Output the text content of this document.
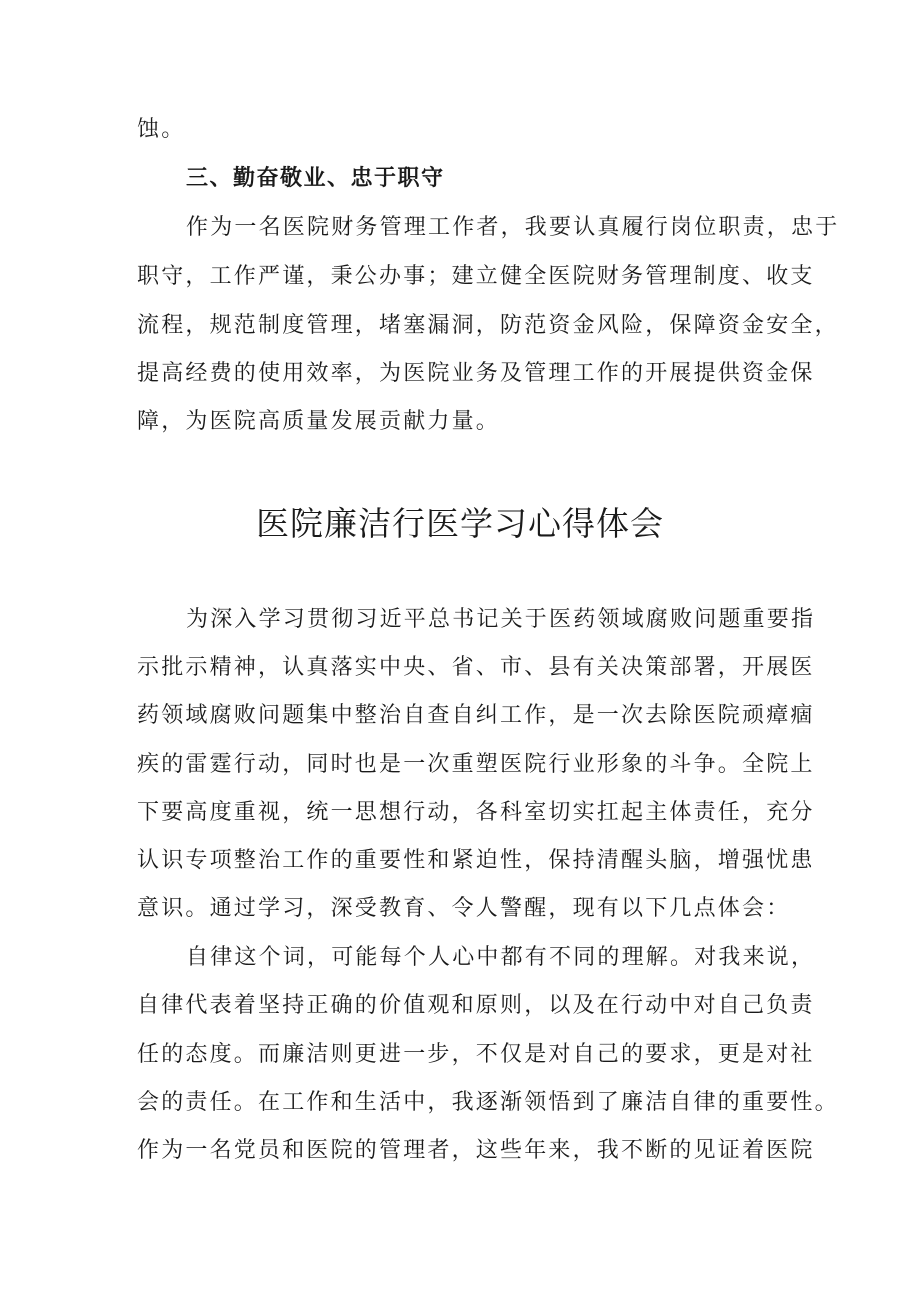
蚀。
三、勤奋敬业、忠于职守
作为一名医院财务管理工作者，我要认真履行岗位职责，忠于
职守，工作严谨，秉公办事；建立健全医院财务管理制度、收支
流程，规范制度管理，堵塞漏洞，防范资金风险，保障资金安全，
提高经费的使用效率，为医院业务及管理工作的开展提供资金保
障，为医院高质量发展贡献力量。
医院廉洁行医学习心得体会
为深入学习贯彻习近平总书记关于医药领域腐败问题重要指
示批示精神，认真落实中央、省、市、县有关决策部署，开展医
药领域腐败问题集中整治自查自纠工作，是一次去除医院顽瘴痼
疾的雷霆行动，同时也是一次重塑医院行业形象的斗争。全院上
下要高度重视，统一思想行动，各科室切实扛起主体责任，充分
认识专项整治工作的重要性和紧迫性，保持清醒头脑，增强忧患
意识。通过学习，深受教育、令人警醒，现有以下几点体会：
自律这个词，可能每个人心中都有不同的理解。对我来说，
自律代表着坚持正确的价值观和原则，以及在行动中对自己负责
任的态度。而廉洁则更进一步，不仅是对自己的要求，更是对社
会的责任。在工作和生活中，我逐渐领悟到了廉洁自律的重要性。
作为一名党员和医院的管理者，这些年来，我不断的见证着医院
